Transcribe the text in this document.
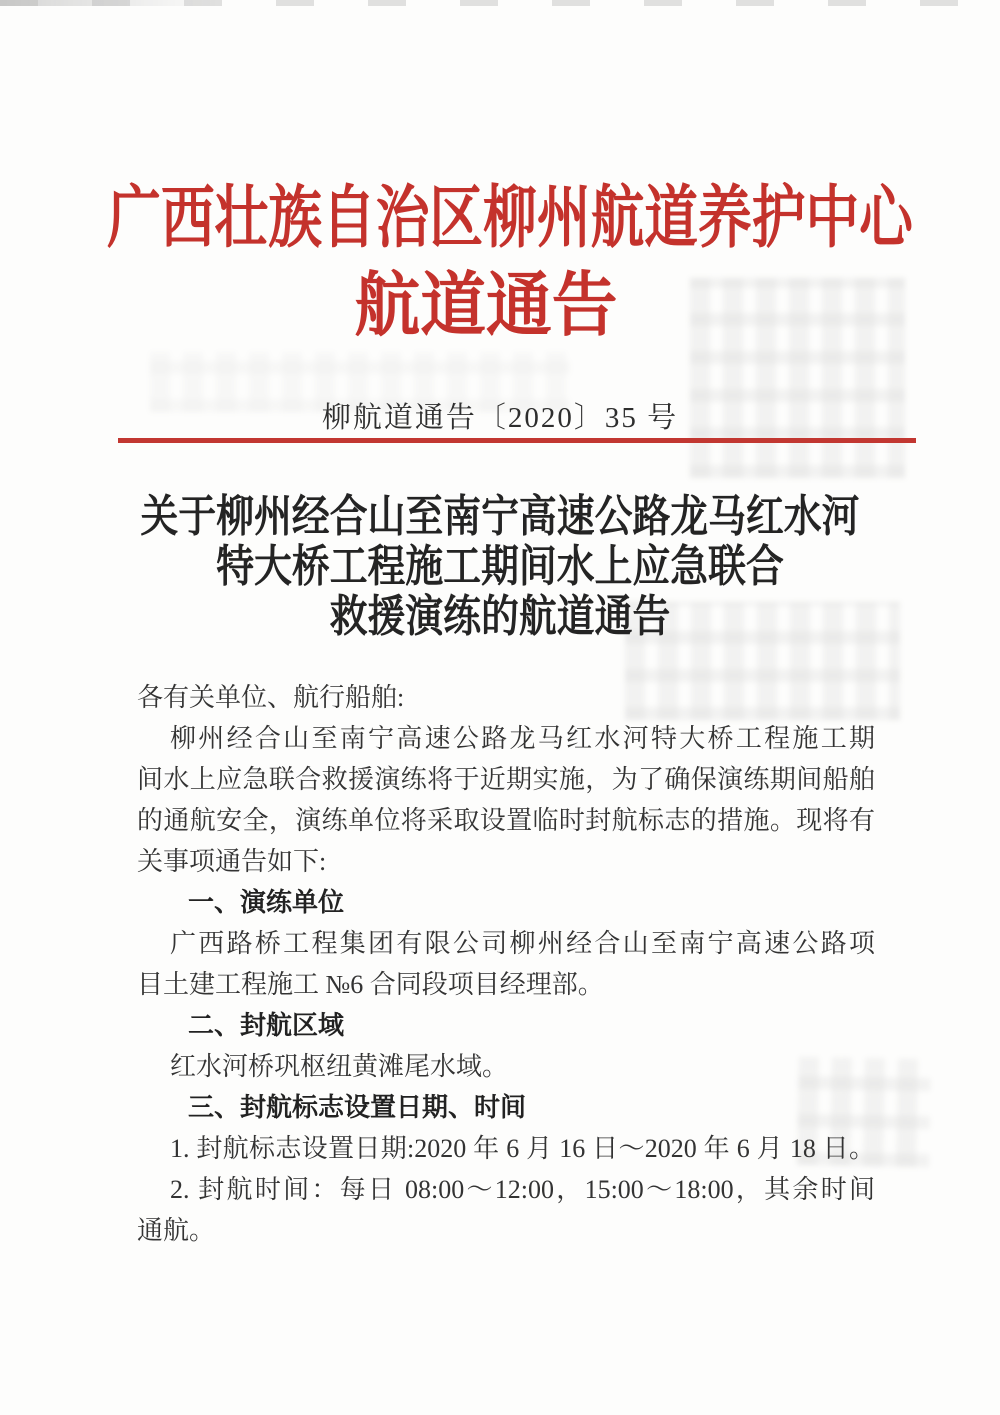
广西壮族自治区柳州航道养护中心
航道通告
柳航道通告〔2020〕35 号
关于柳州经合山至南宁高速公路龙马红水河
特大桥工程施工期间水上应急联合
救援演练的航道通告
各有关单位、航行船舶:
柳州经合山至南宁高速公路龙马红水河特大桥工程施工期
间水上应急联合救援演练将于近期实施，为了确保演练期间船舶
的通航安全，演练单位将采取设置临时封航标志的措施。现将有
关事项通告如下:
一、演练单位
广西路桥工程集团有限公司柳州经合山至南宁高速公路项
目土建工程施工 №6 合同段项目经理部。
二、封航区域
红水河桥巩枢纽黄滩尾水域。
三、封航标志设置日期、时间
1. 封航标志设置日期:2020 年 6 月 16 日～2020 年 6 月 18 日。
2. 封航时间：每日 08:00～12:00，15:00～18:00，其余时间
通航。
